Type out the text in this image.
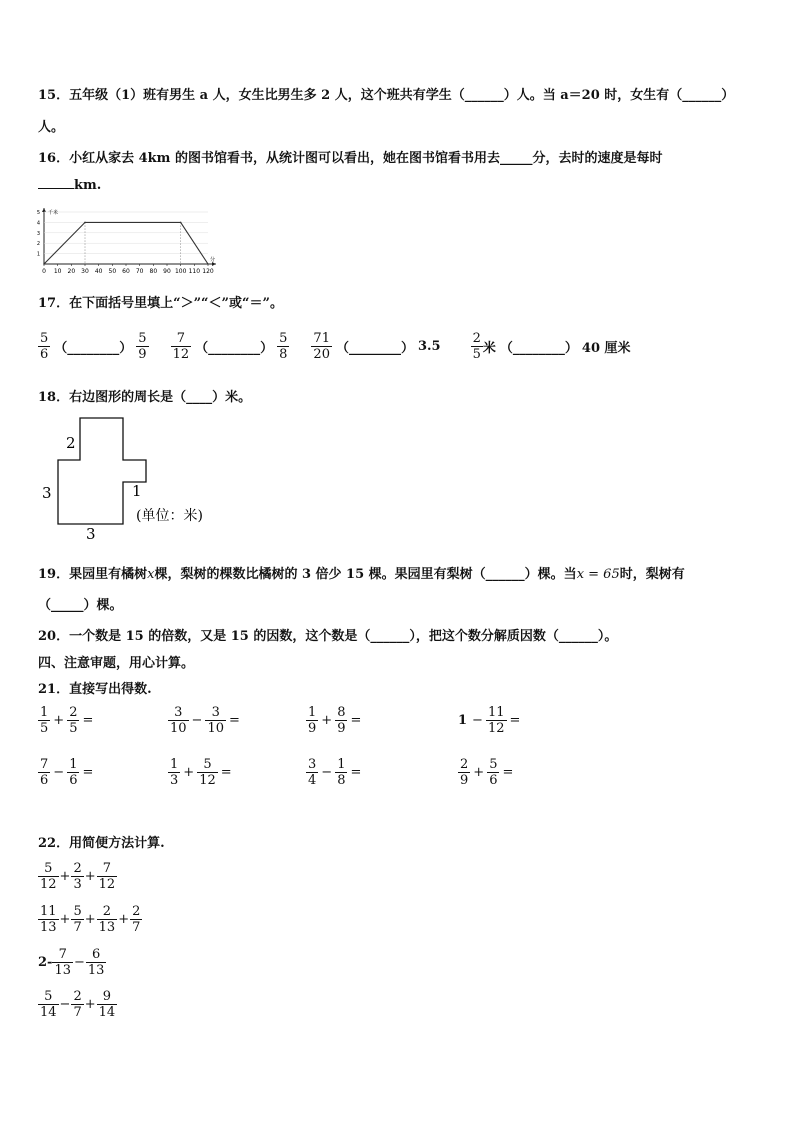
15．五年级（1）班有男生 a 人，女生比男生多 2 人，这个班共有学生（______）人。当 a＝20 时，女生有（______）
人。
16．小红从家去 4km 的图书馆看书，从统计图可以看出，她在图书馆看书用去_____分，去时的速度是每时
km.
1
2
3
4
5
0 10 20 30 40 50 60 70 80 90 100 110 120
千米
分
17．在下面括号里填上“＞”“＜”或“＝”。
$\frac{5}{6}$ （________） $\frac{5}{9} \frac{7}{12}$ （________） $\frac{5}{8} \frac{71}{20}$ （________） $3.5 \frac{2}{5}$ 米 （________） 40 厘米
18．右边图形的周长是（____）米。
2
3	1
3
(单位：米)
19．果园里有橘树x棵，梨树的棵数比橘树的 3 倍少 15 棵。果园里有梨树（______）棵。当x = 65时，梨树有
（_____）棵。
20．一个数是 15 的倍数，又是 15 的因数，这个数是（______），把这个数分解质因数（______）。
四、注意审题，用心计算。
21．直接写出得数.
$\frac{1}{5} + \frac{2}{5}$ =	$\frac{3}{10} - \frac{3}{10}$ =	$\frac{1}{9} + \frac{8}{9}$ =	$1 - \frac{11}{12}$ =
$\frac{7}{6} - \frac{1}{6}$ =	$\frac{1}{3} + \frac{5}{12}$ =	$\frac{3}{4} - \frac{1}{8}$ =	$\frac{2}{9} + \frac{5}{6}$ =
22．用简便方法计算.
$\frac{5}{12} + \frac{2}{3} + \frac{7}{12}$
$\frac{11}{13} + \frac{5}{7} + \frac{2}{13} + \frac{2}{7}$
$2- \frac{7}{13} - \frac{6}{13}$
$\frac{5}{14} - \frac{2}{7} + \frac{9}{14}$
